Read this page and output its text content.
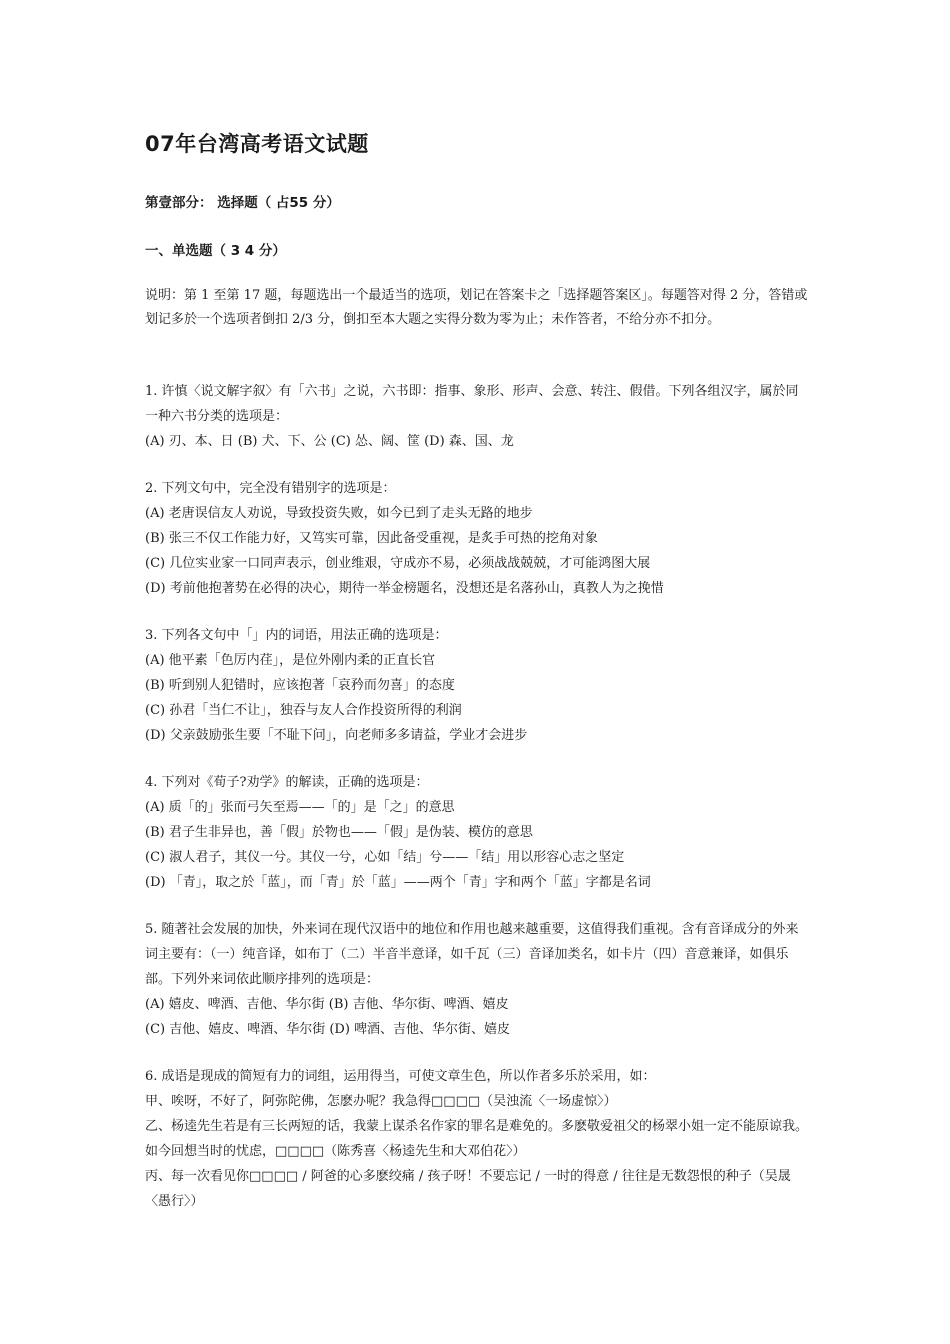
07年台湾高考语文试题
第壹部分： 选择题（ 占55 分）
一、单选题（ 3 4 分）
说明：第 1 至第 17 题，每题选出一个最适当的选项，划记在答案卡之「选择题答案区」。每题答对得 2 分，答错或划记多於一个选项者倒扣 2/3 分，倒扣至本大题之实得分数为零为止；未作答者，不给分亦不扣分。
1. 许慎〈说文解字叙〉有「六书」之说，六书即：指事、象形、形声、会意、转注、假借。下列各组汉字，属於同一种六书分类的选项是：
(A) 刃、本、日 (B) 犬、下、公 (C) 怂、阔、筐 (D) 森、国、龙
2. 下列文句中，完全没有错别字的选项是：
(A) 老唐误信友人劝说，导致投资失败，如今已到了走头无路的地步
(B) 张三不仅工作能力好，又笃实可靠，因此备受重视，是炙手可热的挖角对象
(C) 几位实业家一口同声表示，创业维艰，守成亦不易，必须战战兢兢，才可能鸿图大展
(D) 考前他抱著势在必得的决心，期待一举金榜题名，没想还是名落孙山，真教人为之挽惜
3. 下列各文句中「」内的词语，用法正确的选项是：
(A) 他平素「色厉内荏」，是位外刚内柔的正直长官
(B) 听到别人犯错时，应该抱著「哀矜而勿喜」的态度
(C) 孙君「当仁不让」，独吞与友人合作投资所得的利润
(D) 父亲鼓励张生要「不耻下问」，向老师多多请益，学业才会进步
4. 下列对《荀子?劝学》的解读，正确的选项是：
(A) 质「的」张而弓矢至焉——「的」是「之」的意思
(B) 君子生非异也，善「假」於物也——「假」是伪装、模仿的意思
(C) 淑人君子，其仪一兮。其仪一兮，心如「结」兮——「结」用以形容心志之坚定
(D) 「青」，取之於「蓝」，而「青」於「蓝」——两个「青」字和两个「蓝」字都是名词
5. 随著社会发展的加快，外来词在现代汉语中的地位和作用也越来越重要，这值得我们重视。含有音译成分的外来词主要有：（一）纯音译，如布丁（二）半音半意译，如千瓦（三）音译加类名，如卡片（四）音意兼译，如俱乐部。下列外来词依此顺序排列的选项是：
(A) 嬉皮、啤酒、吉他、华尔街 (B) 吉他、华尔街、啤酒、嬉皮
(C) 吉他、嬉皮、啤酒、华尔街 (D) 啤酒、吉他、华尔街、嬉皮
6. 成语是现成的简短有力的词组，运用得当，可使文章生色，所以作者多乐於采用，如：
甲、唉呀，不好了，阿弥陀佛，怎麽办呢？我急得□□□□（吴浊流〈一场虚惊〉）
乙、杨逵先生若是有三长两短的话，我蒙上谋杀名作家的罪名是难免的。多麽敬爱祖父的杨翠小姐一定不能原谅我。如今回想当时的忧虑，□□□□（陈秀喜〈杨逵先生和大邓伯花〉）
丙、每一次看见你□□□□ / 阿爸的心多麽绞痛 / 孩子呀！不要忘记 / 一时的得意 / 往往是无数怨恨的种子（吴晟〈愚行〉）
